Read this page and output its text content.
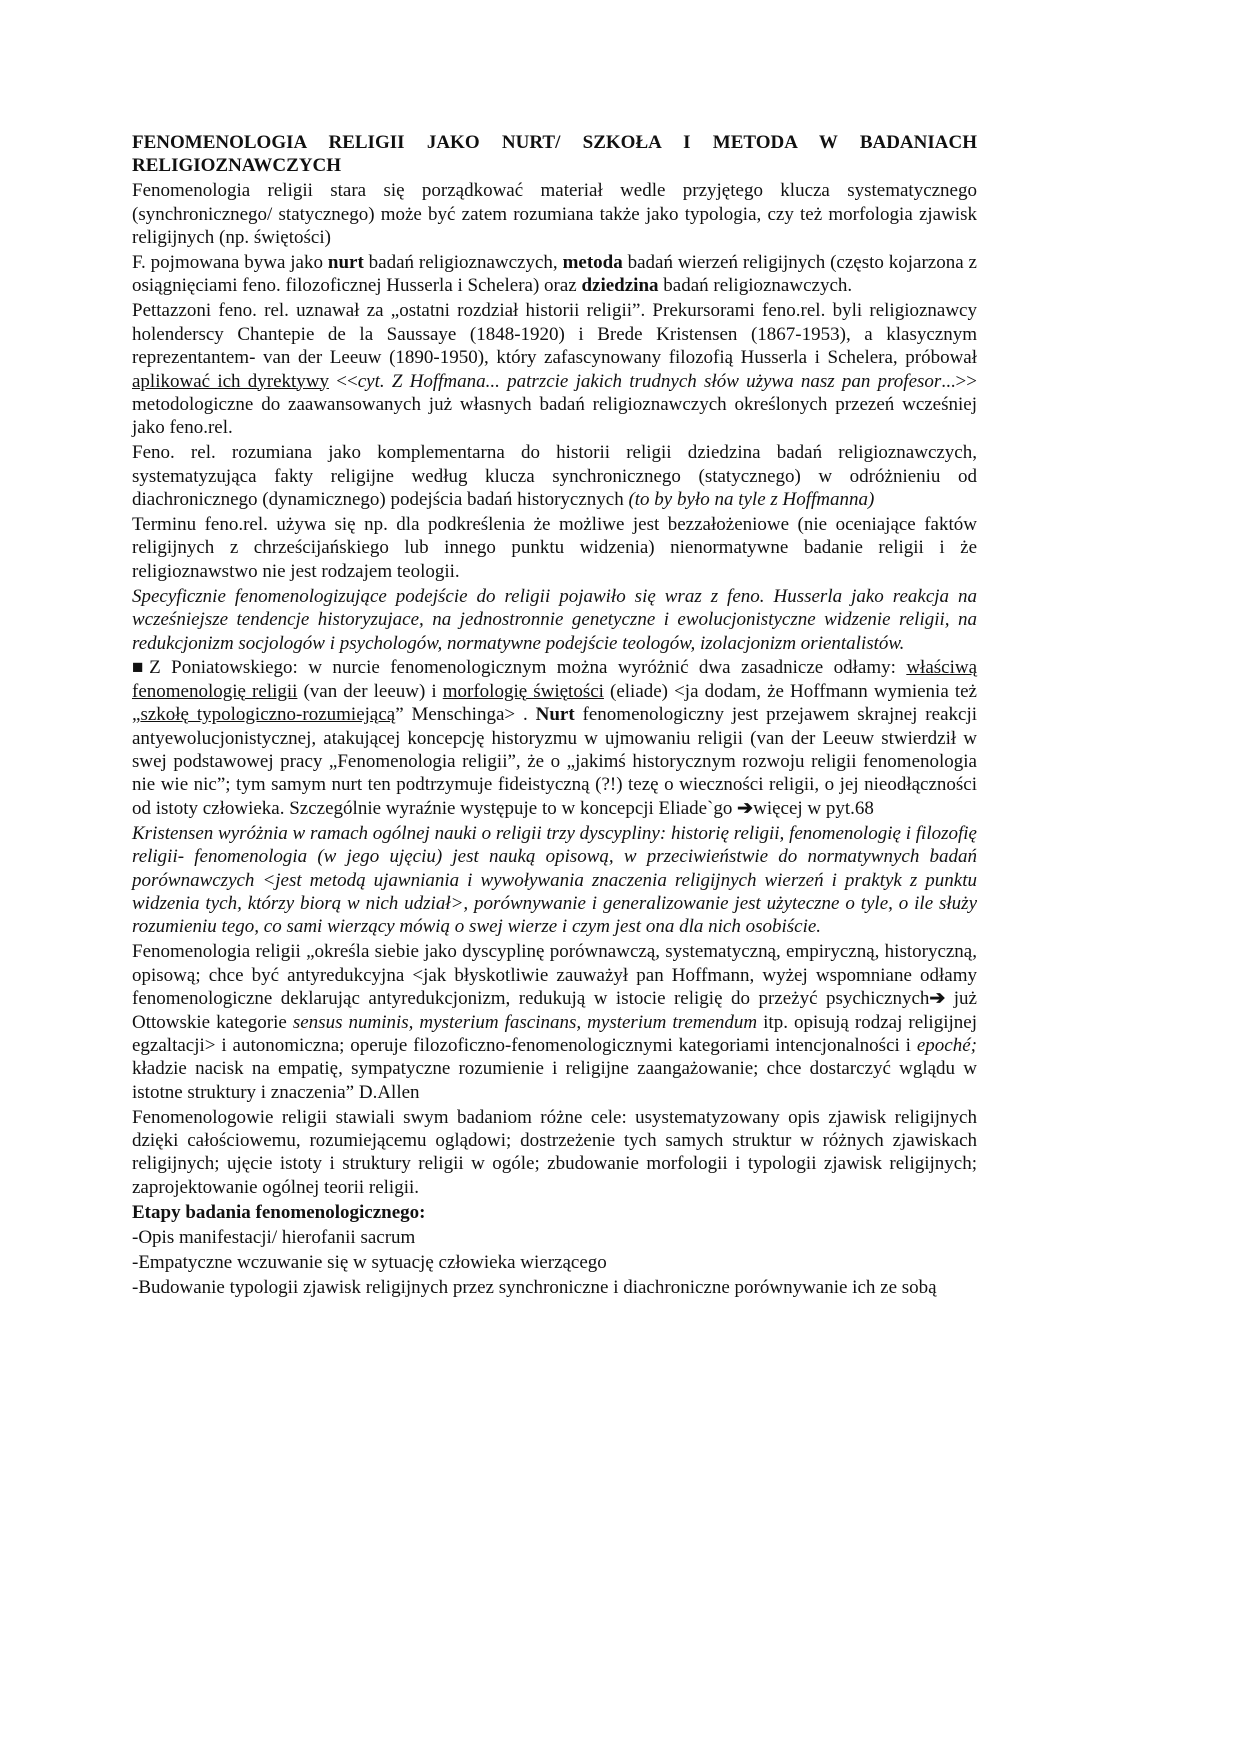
FENOMENOLOGIA RELIGII JAKO NURT/ SZKOŁA I METODA W BADANIACH RELIGIOZNAWCZYCH

Fenomenologia religii stara się porządkować materiał wedle przyjętego klucza systematycznego (synchronicznego/ statycznego) może być zatem rozumiana także jako typologia, czy też morfologia zjawisk religijnych (np. świętości)

F. pojmowana bywa jako nurt badań religioznawczych, metoda badań wierzeń religijnych (często kojarzona z osiągnięciami feno. filozoficznej Husserla i Schelera) oraz dziedzina badań religioznawczych.

Pettazzoni feno. rel. uznawał za „ostatni rozdział historii religii”. Prekursorami feno.rel. byli religioznawcy holenderscy Chantepie de la Saussaye (1848-1920) i Brede Kristensen (1867-1953), a klasycznym reprezentantem- van der Leeuw (1890-1950), który zafascynowany filozofią Husserla i Schelera, próbował aplikować ich dyrektywy <<cyt. Z Hoffmana... patrzcie jakich trudnych słów używa nasz pan profesor...>> metodologiczne do zaawansowanych już własnych badań religioznawczych określonych przezeń wcześniej jako feno.rel.

Feno. rel. rozumiana jako komplementarna do historii religii dziedzina badań religioznawczych, systematyzująca fakty religijne według klucza synchronicznego (statycznego) w odróżnieniu od diachronicznego (dynamicznego) podejścia badań historycznych (to by było na tyle z Hoffmanna)

Terminu feno.rel. używa się np. dla podkreślenia że możliwe jest bezzałożeniowe (nie oceniające faktów religijnych z chrześcijańskiego lub innego punktu widzenia) nienormatywne badanie religii i że religioznawstwo nie jest rodzajem teologii.

Specyficznie fenomenologizujące podejście do religii pojawiło się wraz z feno. Husserla jako reakcja na wcześniejsze tendencje historyzujace, na jednostronnie genetyczne i ewolucjonistyczne widzenie religii, na redukcjonizm socjologów i psychologów, normatywne podejście teologów, izolacjonizm orientalistów.

■Z Poniatowskiego: w nurcie fenomenologicznym można wyróżnić dwa zasadnicze odłamy: właściwą fenomenologię religii (van der leeuw) i morfologię świętości (eliade) <ja dodam, że Hoffmann wymienia też „szkołę typologiczno-rozumiejącą” Menschinga> . Nurt fenomenologiczny jest przejawem skrajnej reakcji antyewolucjonistycznej, atakującej koncepcję historyzmu w ujmowaniu religii (van der Leeuw stwierdził w swej podstawowej pracy „Fenomenologia religii”, że o „jakimś historycznym rozwoju religii fenomenologia nie wie nic”; tym samym nurt ten podtrzymuje fideistyczną (?!) tezę o wieczności religii, o jej nieodłączności od istoty człowieka. Szczególnie wyraźnie występuje to w koncepcji Eliade`go ➔więcej w pyt.68

Kristensen wyróżnia w ramach ogólnej nauki o religii trzy dyscypliny: historię religii, fenomenologię i filozofię religii- fenomenologia (w jego ujęciu) jest nauką opisową, w przeciwieństwie do normatywnych badań porównawczych <jest metodą ujawniania i wywoływania znaczenia religijnych wierzeń i praktyk z punktu widzenia tych, którzy biorą w nich udział>, porównywanie i generalizowanie jest użyteczne o tyle, o ile służy rozumieniu tego, co sami wierzący mówią o swej wierze i czym jest ona dla nich osobiście.

Fenomenologia religii „określa siebie jako dyscyplinę porównawczą, systematyczną, empiryczną, historyczną, opisową; chce być antyredukcyjna <jak błyskotliwie zauważył pan Hoffmann, wyżej wspomniane odłamy fenomenologiczne deklarując antyredukcjonizm, redukują w istocie religię do przeżyć psychicznych➔ już Ottowskie kategorie sensus numinis, mysterium fascinans, mysterium tremendum itp. opisują rodzaj religijnej egzaltacji> i autonomiczna; operuje filozoficzno-fenomenologicznymi kategoriami intencjonalności i epoché; kładzie nacisk na empatię, sympatyczne rozumienie i religijne zaangażowanie; chce dostarczyć wglądu w istotne struktury i znaczenia” D.Allen

Fenomenologowie religii stawiali swym badaniom różne cele: usystematyzowany opis zjawisk religijnych dzięki całościowemu, rozumiejącemu oglądowi; dostrzeżenie tych samych struktur w różnych zjawiskach religijnych; ujęcie istoty i struktury religii w ogóle; zbudowanie morfologii i typologii zjawisk religijnych; zaprojektowanie ogólnej teorii religii.

Etapy badania fenomenologicznego:

-Opis manifestacji/ hierofanii sacrum

-Empatyczne wczuwanie się w sytuację człowieka wierzącego

-Budowanie typologii zjawisk religijnych przez synchroniczne i diachroniczne porównywanie ich ze sobą
